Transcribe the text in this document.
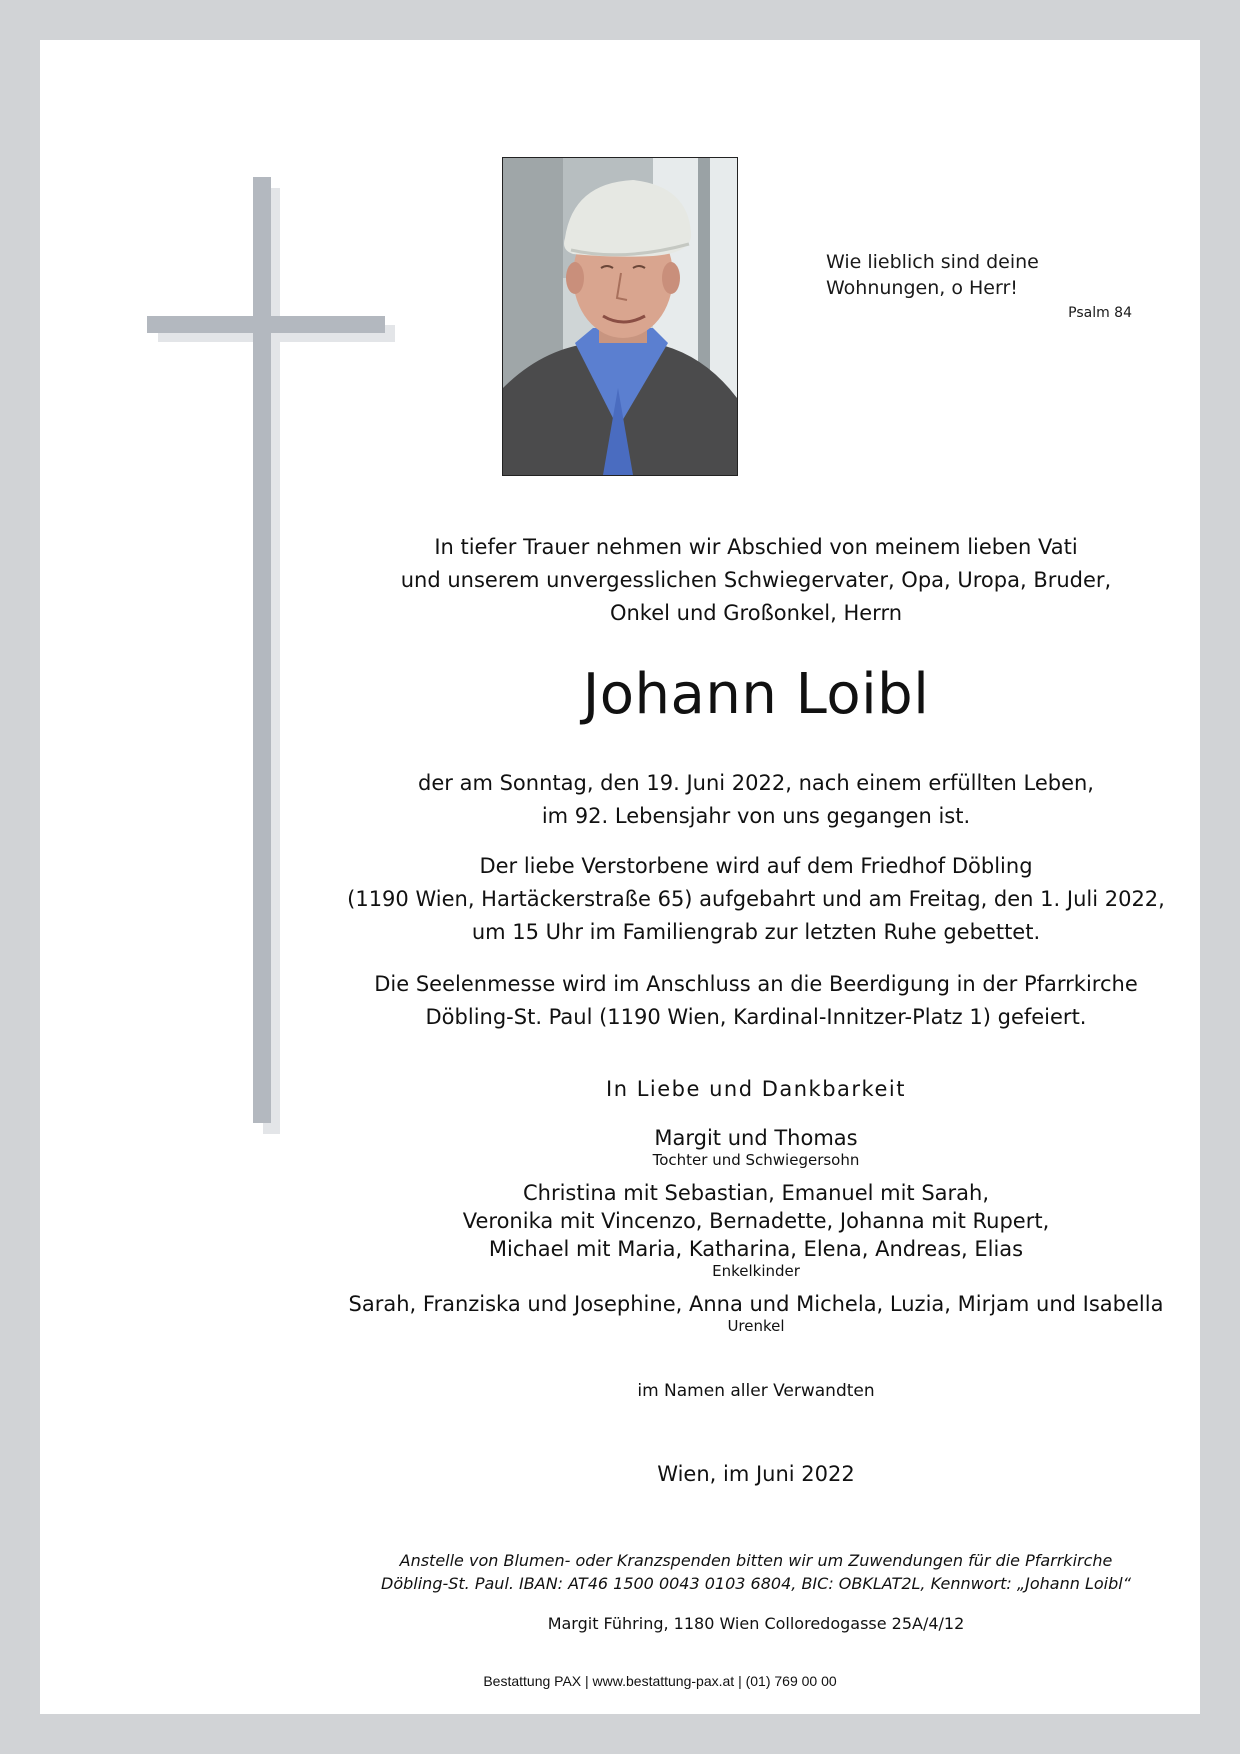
Wie lieblich sind deine Wohnungen, o Herr!
Psalm 84
In tiefer Trauer nehmen wir Abschied von meinem lieben Vati
und unserem unvergesslichen Schwiegervater, Opa, Uropa, Bruder,
Onkel und Großonkel, Herrn
Johann Loibl
der am Sonntag, den 19. Juni 2022, nach einem erfüllten Leben,
im 92. Lebensjahr von uns gegangen ist.
Der liebe Verstorbene wird auf dem Friedhof Döbling
(1190 Wien, Hartäckerstraße 65) aufgebahrt und am Freitag, den 1. Juli 2022,
um 15 Uhr im Familiengrab zur letzten Ruhe gebettet.
Die Seelenmesse wird im Anschluss an die Beerdigung in der Pfarrkirche
Döbling-St. Paul (1190 Wien, Kardinal-Innitzer-Platz 1) gefeiert.
In Liebe und Dankbarkeit
Margit und Thomas
Tochter und Schwiegersohn
Christina mit Sebastian, Emanuel mit Sarah,
Veronika mit Vincenzo, Bernadette, Johanna mit Rupert,
Michael mit Maria, Katharina, Elena, Andreas, Elias
Enkelkinder
Sarah, Franziska und Josephine, Anna und Michela, Luzia, Mirjam und Isabella
Urenkel
im Namen aller Verwandten
Wien, im Juni 2022
Anstelle von Blumen- oder Kranzspenden bitten wir um Zuwendungen für die Pfarrkirche
Döbling-St. Paul. IBAN: AT46 1500 0043 0103 6804, BIC: OBKLAT2L, Kennwort: „Johann Loibl“
Margit Führing, 1180 Wien Colloredogasse 25A/4/12
Bestattung PAX | www.bestattung-pax.at | (01) 769 00 00
